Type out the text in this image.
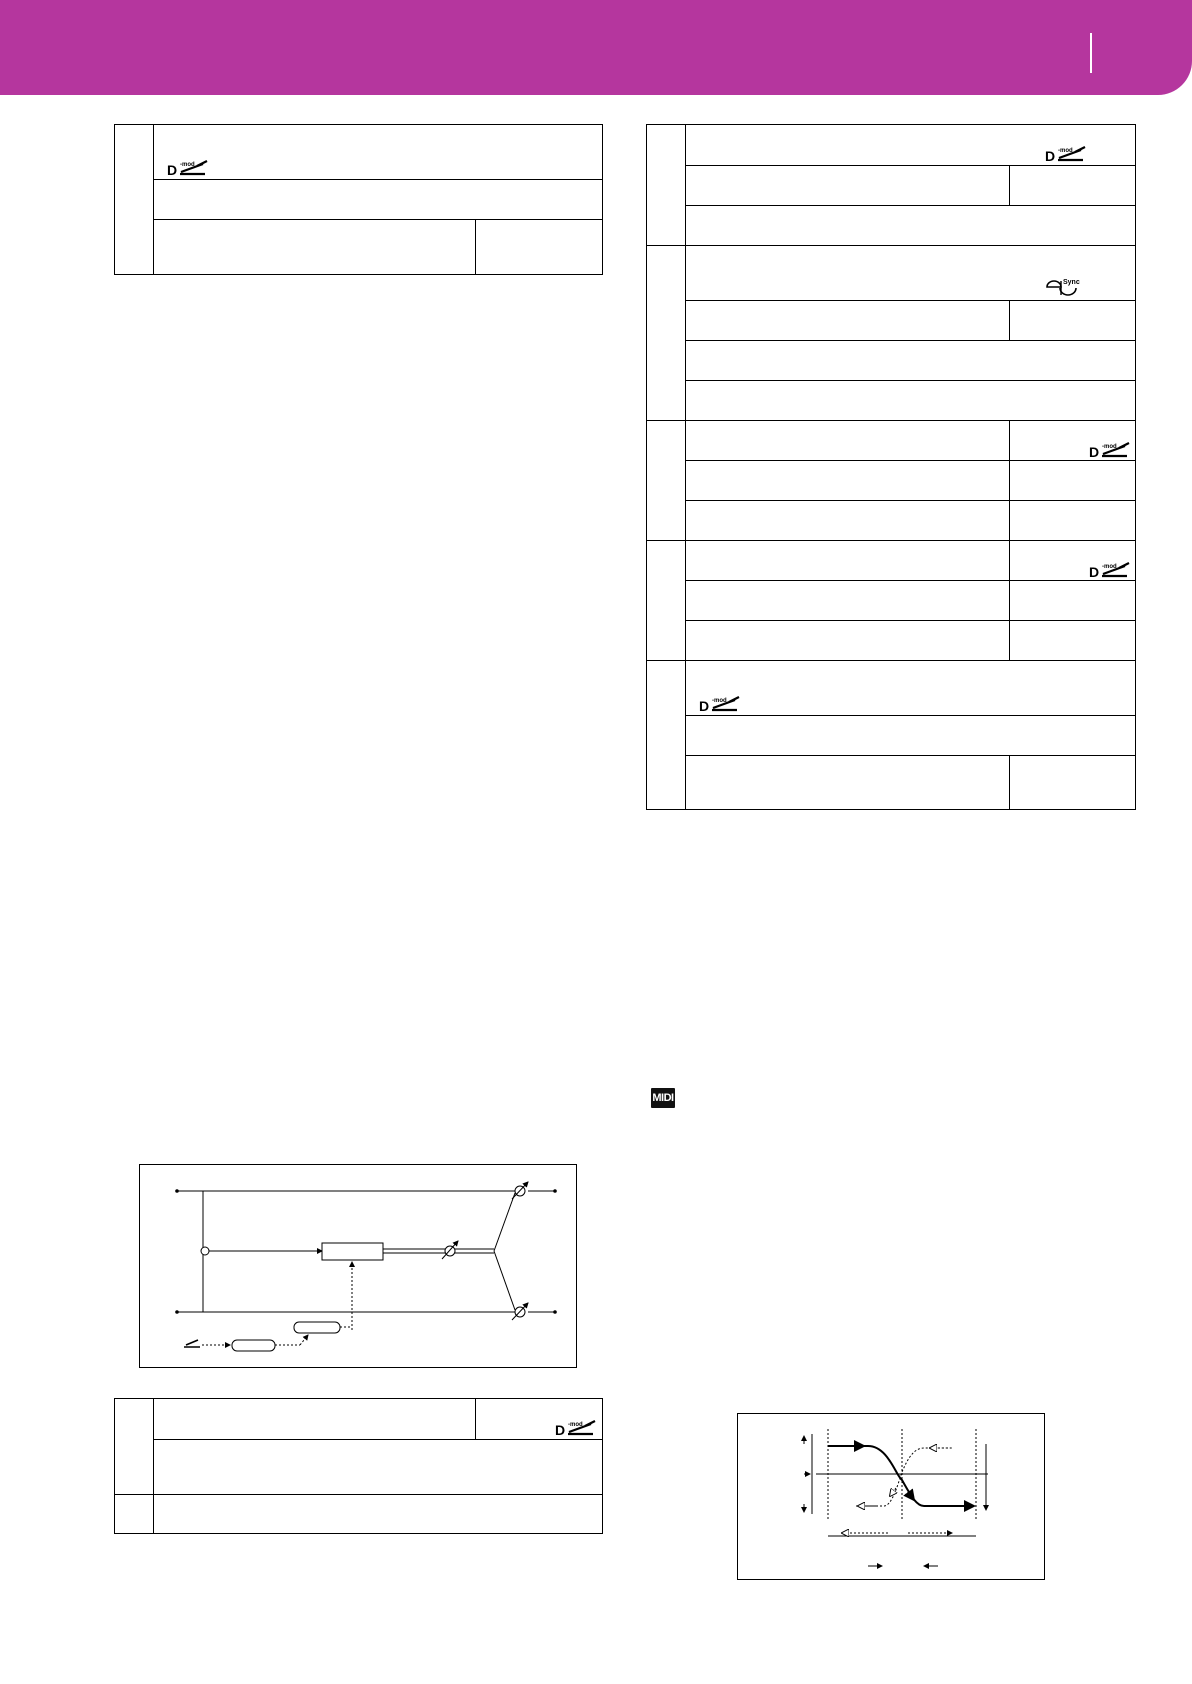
D -mod
D -mod
Sync
D -mod
D -mod
D -mod
D -mod
MIDI
